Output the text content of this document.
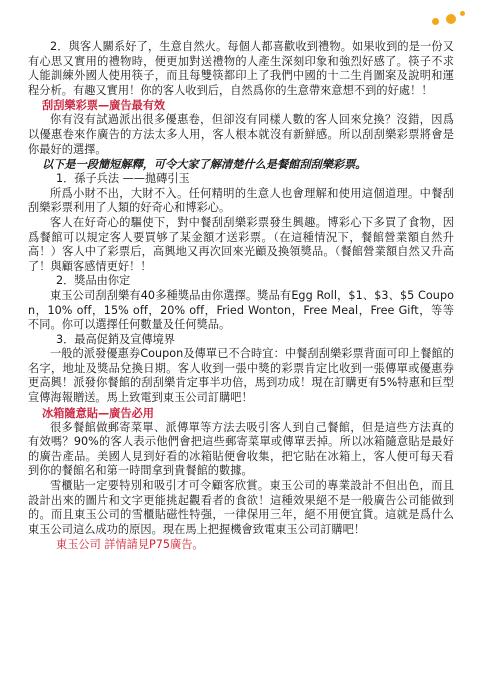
2．與客人關系好了，生意自然火。每個人都喜歡收到禮物。如果收到的是一份又有心思又實用的禮物時，便更加對送禮物的人產生深刻印象和強烈好感了。筷子不求人能訓練外國人使用筷子，而且每雙筷都印上了我們中國的十二生肖圖案及說明和運程分析。有趣又實用！你的客人收到后，自然爲你的生意帶來意想不到的好處！！

刮刮樂彩票—廣告最有效

你有沒有試過派出很多優惠卷，但卻沒有同樣人數的客人回來兌換？沒錯，因爲以優惠卷來作廣告的方法太多人用，客人根本就沒有新鮮感。所以刮刮樂彩票將會是你最好的選擇。

以下是一段簡短解釋，可令大家了解清楚什么是餐館刮刮樂彩票。
1．孫子兵法 ——拋磚引玉

所爲小財不出，大財不入。任何精明的生意人也會理解和使用這個道理。中餐刮刮樂彩票利用了人類的好奇心和博彩心。

客人在好奇心的驅使下，對中餐刮刮樂彩票發生興趣。博彩心下多買了食物，因爲餐館可以規定客人要買够了某金額才送彩票。（在這種情況下，餐館營業額自然升高！）客人中了彩票后，高興地又再次回來光顧及換領獎品。（餐館營業額自然又升高了！與顧客感情更好！！

2．獎品由你定

東玉公司刮刮樂有40多種獎品由你選擇。獎品有Egg Roll，$1、$3、$5 Coupon，10% off，15% off，20% off，Fried Wonton，Free Meal，Free Gift，等等不同。你可以選擇任何數量及任何獎品。

3．最高促銷及宣傳境界

一般的派發優惠券Coupon及傳單已不合時宜：中餐刮刮樂彩票背面可印上餐館的名字，地址及獎品兌換日期。客人收到一張中獎的彩票肯定比收到一張傳單或優惠券更高興！派發你餐館的刮刮樂肯定事半功倍，馬到功成！現在訂購更有5%特惠和巨型宣傳海報贈送。馬上致電到東玉公司訂購吧！

冰箱隨意貼—廣告必用

很多餐館做郵寄菜單、派傳單等方法去吸引客人到自己餐館，但是這些方法真的有效嗎？90%的客人表示他們會把這些郵寄菜單或傳單丟掉。所以冰箱隨意貼是最好的廣告產品。美國人見到好看的冰箱貼便會收集，把它貼在冰箱上，客人便可每天看到你的餐館名和第一時間拿到貴餐館的數據。

雪櫃貼一定要特別和吸引才可令顧客欣賞。東玉公司的專業設計不但出色，而且設計出來的圖片和文字更能挑起觀看者的食欲！這種效果絕不是一般廣告公司能做到的。而且東玉公司的雪櫃貼磁性特强，一律保用三年，絕不用便宜貨。這就是爲什么東玉公司這么成功的原因。現在馬上把握機會致電東玉公司訂購吧！

東玉公司 詳情請見P75廣告。
